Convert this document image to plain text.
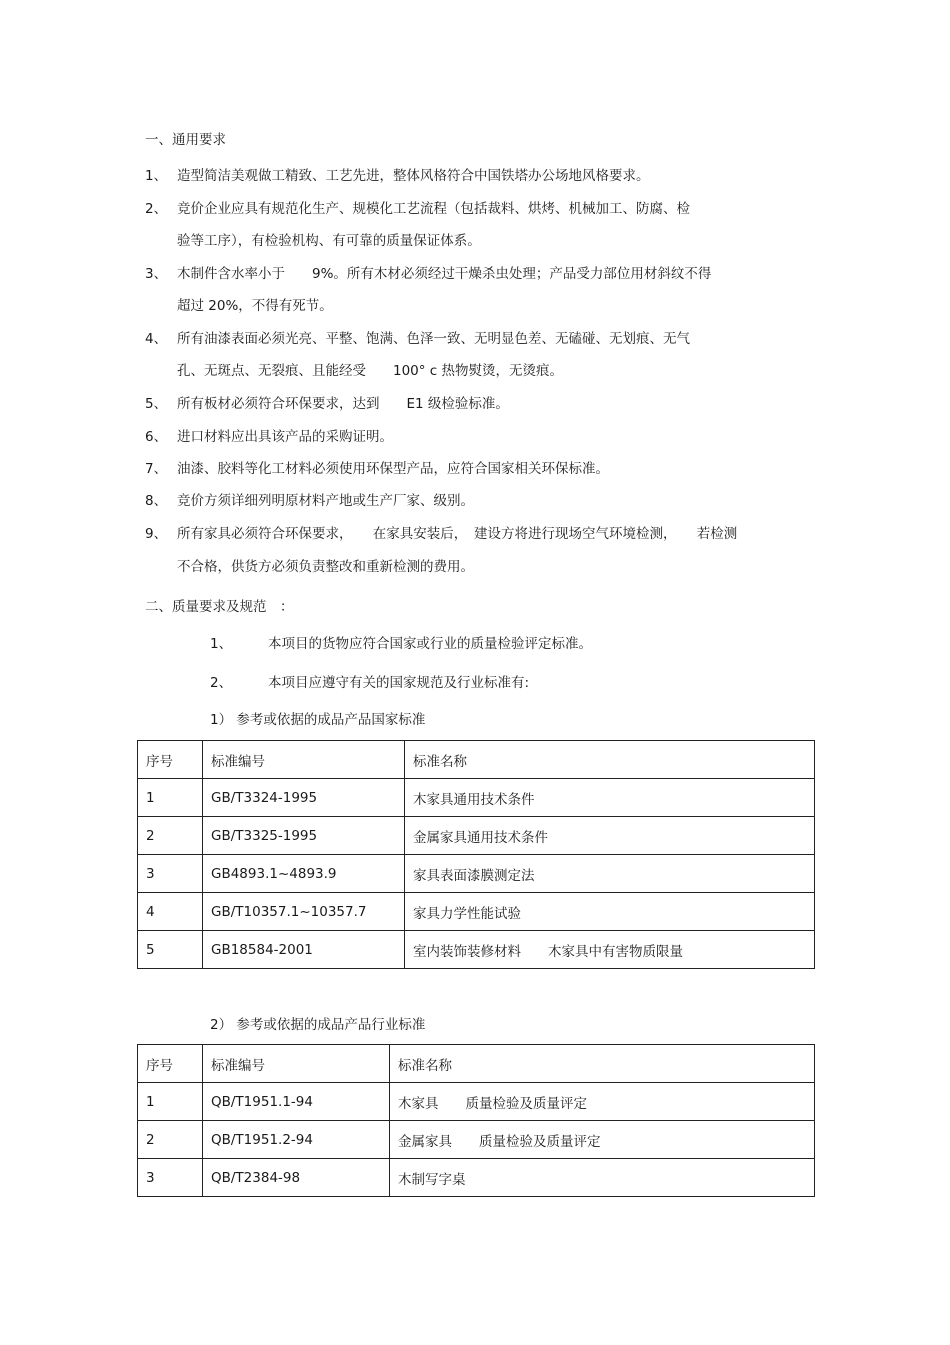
一、通用要求
1、 造型简洁美观做工精致、工艺先进，整体风格符合中国铁塔办公场地风格要求。
2、 竞价企业应具有规范化生产、规模化工艺流程（包括裁料、烘烤、机械加工、防腐、检
验等工序），有检验机构、有可靠的质量保证体系。
3、 木制件含水率小于　　9%。所有木材必须经过干燥杀虫处理；产品受力部位用材斜纹不得
超过 20%，不得有死节。
4、 所有油漆表面必须光亮、平整、饱满、色泽一致、无明显色差、无磕碰、无划痕、无气
孔、无斑点、无裂痕、且能经受　　100° c 热物熨烫，无烫痕。
5、 所有板材必须符合环保要求，达到　　E1 级检验标准。
6、 进口材料应出具该产品的采购证明。
7、 油漆、胶料等化工材料必须使用环保型产品，应符合国家相关环保标准。
8、 竞价方须详细列明原材料产地或生产厂家、级别。
9、 所有家具必须符合环保要求，　　在家具安装后，　建设方将进行现场空气环境检测，　　若检测
不合格，供货方必须负责整改和重新检测的费用。
二、质量要求及规范　：
1、	本项目的货物应符合国家或行业的质量检验评定标准。
2、	本项目应遵守有关的国家规范及行业标准有:
1） 参考或依据的成品产品国家标准
序号	标准编号	标准名称
1	GB/T3324-1995	木家具通用技术条件
2	GB/T3325-1995	金属家具通用技术条件
3	GB4893.1~4893.9	家具表面漆膜测定法
4	GB/T10357.1~10357.7	家具力学性能试验
5	GB18584-2001	室内装饰装修材料　　木家具中有害物质限量
2） 参考或依据的成品产品行业标准
序号	标准编号	标准名称
1	QB/T1951.1-94	木家具　　质量检验及质量评定
2	QB/T1951.2-94	金属家具　　质量检验及质量评定
3	QB/T2384-98	木制写字桌
